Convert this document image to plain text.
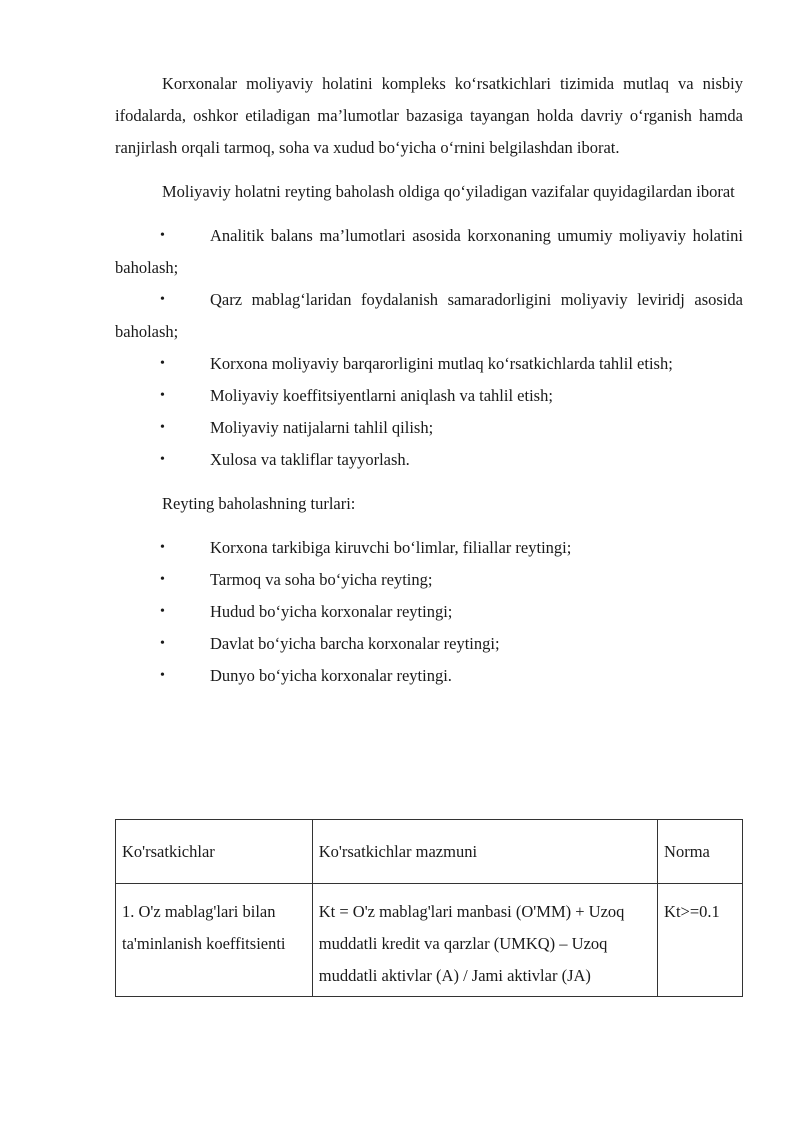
Korxonalar moliyaviy holatini kompleks ko‘rsatkichlari tizimida mutlaq va nisbiy ifodalarda, oshkor etiladigan ma’lumotlar bazasiga tayangan holda davriy o‘rganish hamda ranjirlash orqali tarmoq, soha va xudud bo‘yicha o‘rnini belgilashdan iborat.

Moliyaviy holatni reyting baholash oldiga qo‘yiladigan vazifalar quyidagilardan iborat

•	Analitik balans ma’lumotlari asosida korxonaning umumiy moliyaviy holatini baholash;
•	Qarz mablag‘laridan foydalanish samaradorligini moliyaviy leviridj asosida baholash;
•	Korxona moliyaviy barqarorligini mutlaq ko‘rsatkichlarda tahlil etish;
•	Moliyaviy koeffitsiyentlarni aniqlash va tahlil etish;
•	Moliyaviy natijalarni tahlil qilish;
•	Xulosa va takliflar tayyorlash.

Reyting baholashning turlari:

•	Korxona tarkibiga kiruvchi bo‘limlar, filiallar reytingi;
•	Tarmoq va soha bo‘yicha reyting;
•	Hudud bo‘yicha korxonalar reytingi;
•	Davlat bo‘yicha barcha korxonalar reytingi;
•	Dunyo bo‘yicha korxonalar reytingi.
Ko'rsatkichlar	Ko'rsatkichlar mazmuni	Norma
1. O'z mablag'lari bilan ta'minlanish koeffitsienti	Kt = O'z mablag'lari manbasi (O'MM) + Uzoq muddatli kredit va qarzlar (UMKQ) – Uzoq muddatli aktivlar (A) / Jami aktivlar (JA)	Kt>=0.1
